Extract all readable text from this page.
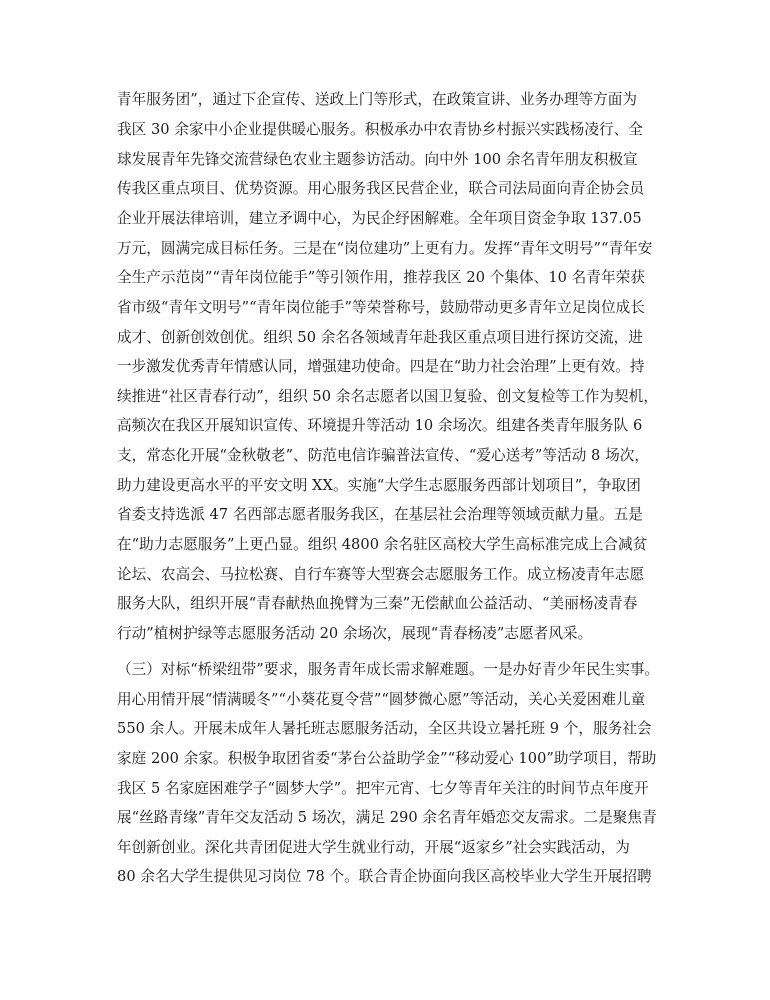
青年服务团”，通过下企宣传、送政上门等形式，在政策宣讲、业务办理等方面为
我区 30 余家中小企业提供暖心服务。积极承办中农青协乡村振兴实践杨凌行、全
球发展青年先锋交流营绿色农业主题参访活动。向中外 100 余名青年朋友积极宣
传我区重点项目、优势资源。用心服务我区民营企业，联合司法局面向青企协会员
企业开展法律培训，建立矛调中心，为民企纾困解难。全年项目资金争取 137.05
万元，圆满完成目标任务。三是在“岗位建功”上更有力。发挥“青年文明号”“青年安
全生产示范岗”“青年岗位能手”等引领作用，推荐我区 20 个集体、10 名青年荣获
省市级“青年文明号”“青年岗位能手”等荣誉称号，鼓励带动更多青年立足岗位成长
成才、创新创效创优。组织 50 余名各领域青年赴我区重点项目进行探访交流，进
一步激发优秀青年情感认同，增强建功使命。四是在“助力社会治理”上更有效。持
续推进“社区青春行动”，组织 50 余名志愿者以国卫复验、创文复检等工作为契机，
高频次在我区开展知识宣传、环境提升等活动 10 余场次。组建各类青年服务队 6
支，常态化开展“金秋敬老”、防范电信诈骗普法宣传、“爱心送考”等活动 8 场次，
助力建设更高水平的平安文明 XX。实施“大学生志愿服务西部计划项目”，争取团
省委支持选派 47 名西部志愿者服务我区，在基层社会治理等领域贡献力量。五是
在“助力志愿服务”上更凸显。组织 4800 余名驻区高校大学生高标准完成上合减贫
论坛、农高会、马拉松赛、自行车赛等大型赛会志愿服务工作。成立杨凌青年志愿
服务大队，组织开展“青春献热血挽臂为三秦”无偿献血公益活动、“美丽杨凌青春
行动”植树护绿等志愿服务活动 20 余场次，展现“青春杨凌”志愿者风采。
（三）对标“桥梁纽带”要求，服务青年成长需求解难题。一是办好青少年民生实事。
用心用情开展“情满暖冬”“小葵花夏令营”“圆梦微心愿”等活动，关心关爱困难儿童
550 余人。开展未成年人暑托班志愿服务活动，全区共设立暑托班 9 个，服务社会
家庭 200 余家。积极争取团省委“茅台公益助学金”“移动爱心 100”助学项目，帮助
我区 5 名家庭困难学子“圆梦大学”。把牢元宵、七夕等青年关注的时间节点年度开
展“丝路青缘”青年交友活动 5 场次，满足 290 余名青年婚恋交友需求。二是聚焦青
年创新创业。深化共青团促进大学生就业行动，开展“返家乡”社会实践活动，为
80 余名大学生提供见习岗位 78 个。联合青企协面向我区高校毕业大学生开展招聘
